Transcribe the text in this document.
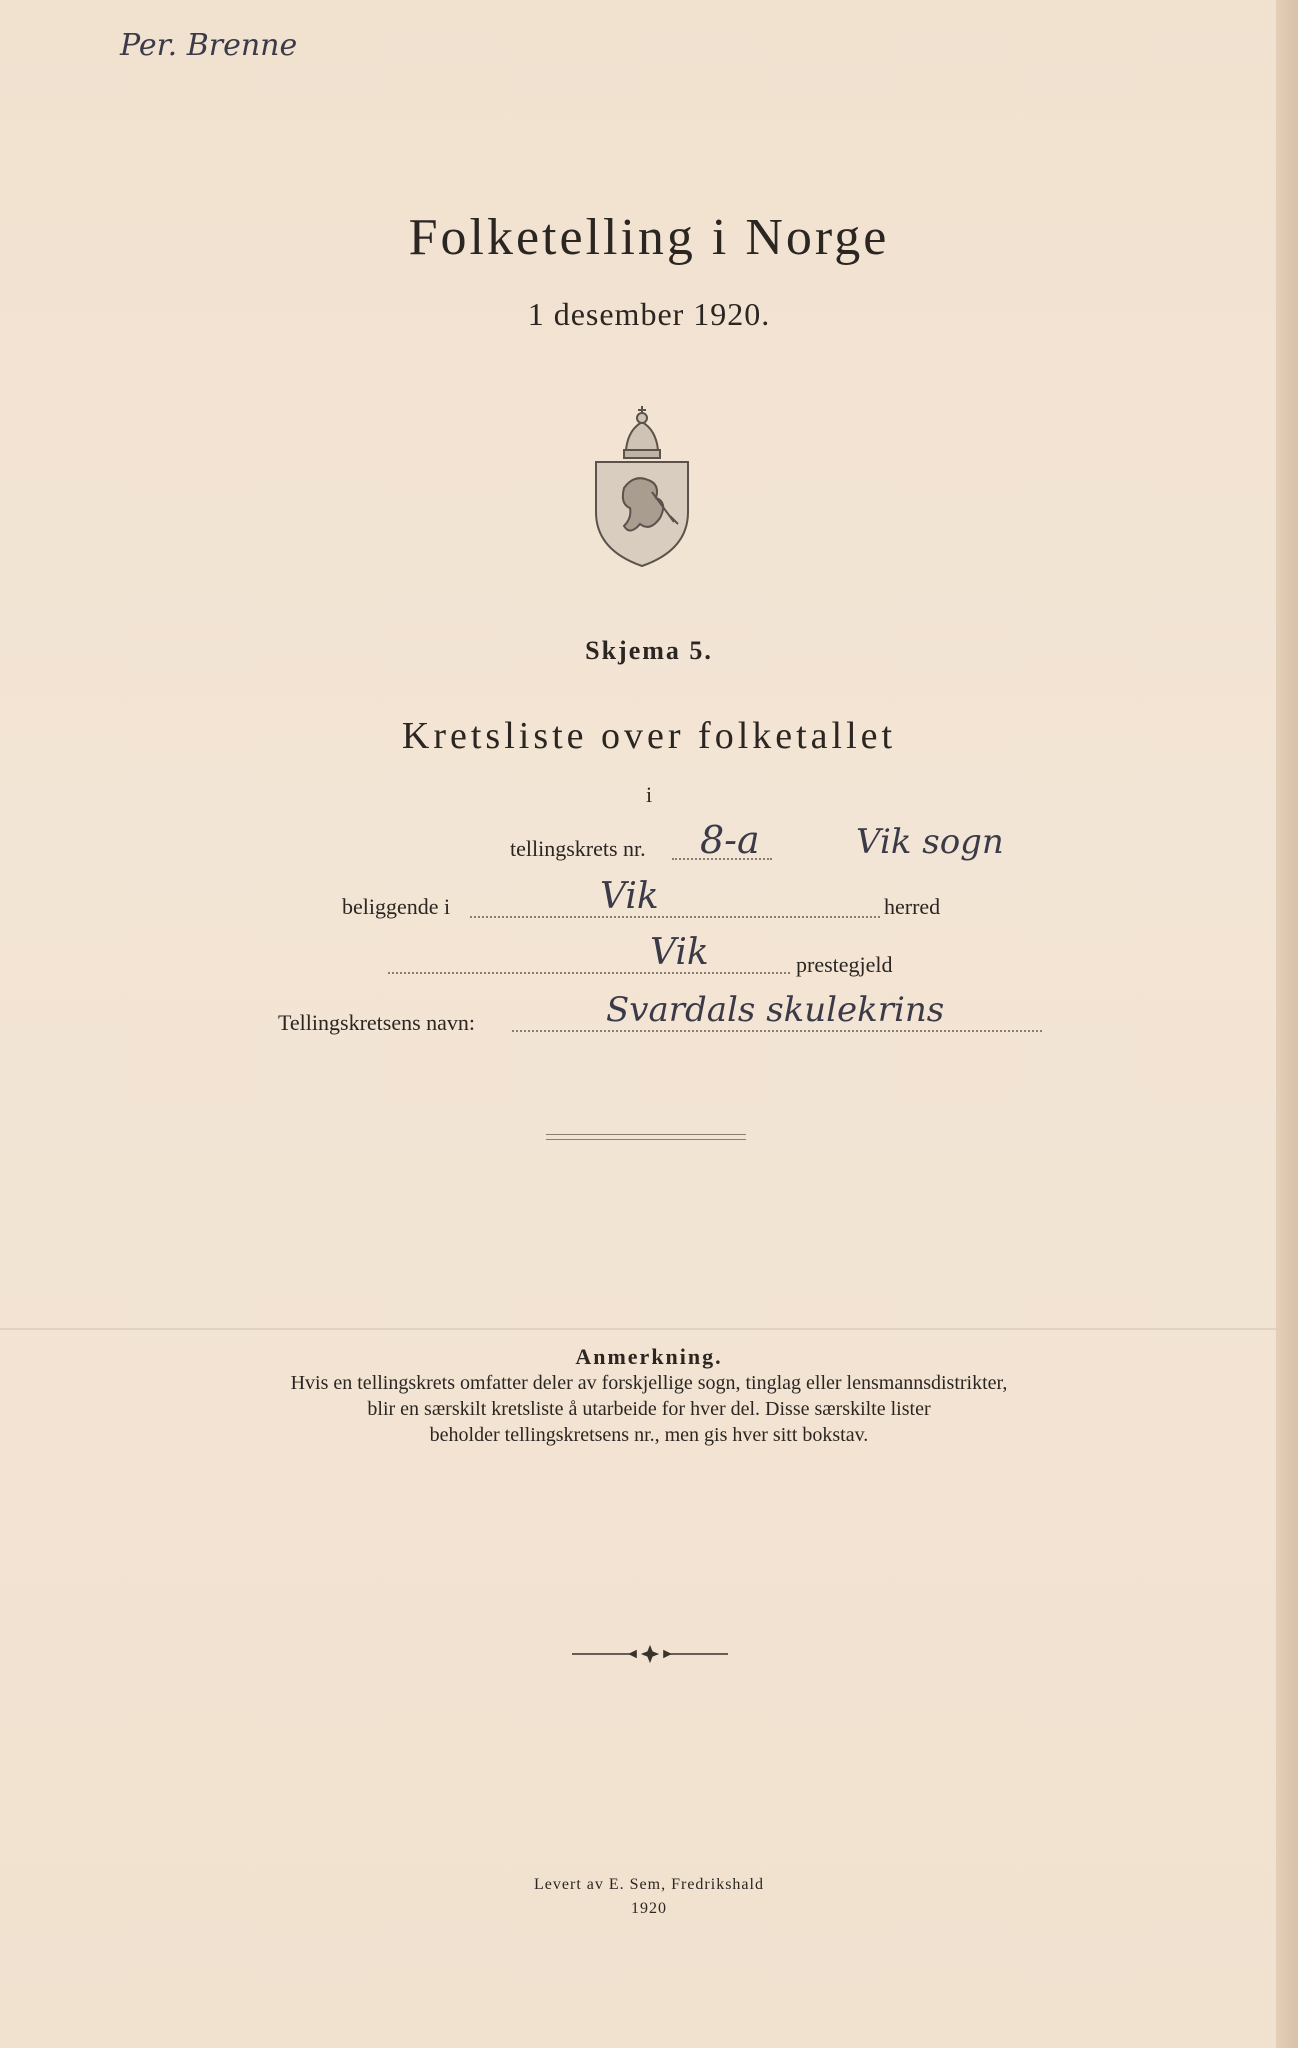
Per. Brenne
Folketelling i Norge
1 desember 1920.
Skjema 5.
Kretsliste over folketallet
i
tellingskrets nr. 8-a	Vik sogn
beliggende i	Vik	herred
Vik	prestegjeld
Tellingskretsens navn:	Svardals skulekrins
Anmerkning.
Hvis en tellingskrets omfatter deler av forskjellige sogn, tinglag eller lensmannsdistrikter,
blir en særskilt kretsliste å utarbeide for hver del. Disse særskilte lister
beholder tellingskretsens nr., men gis hver sitt bokstav.
Levert av E. Sem, Fredrikshald
1920
